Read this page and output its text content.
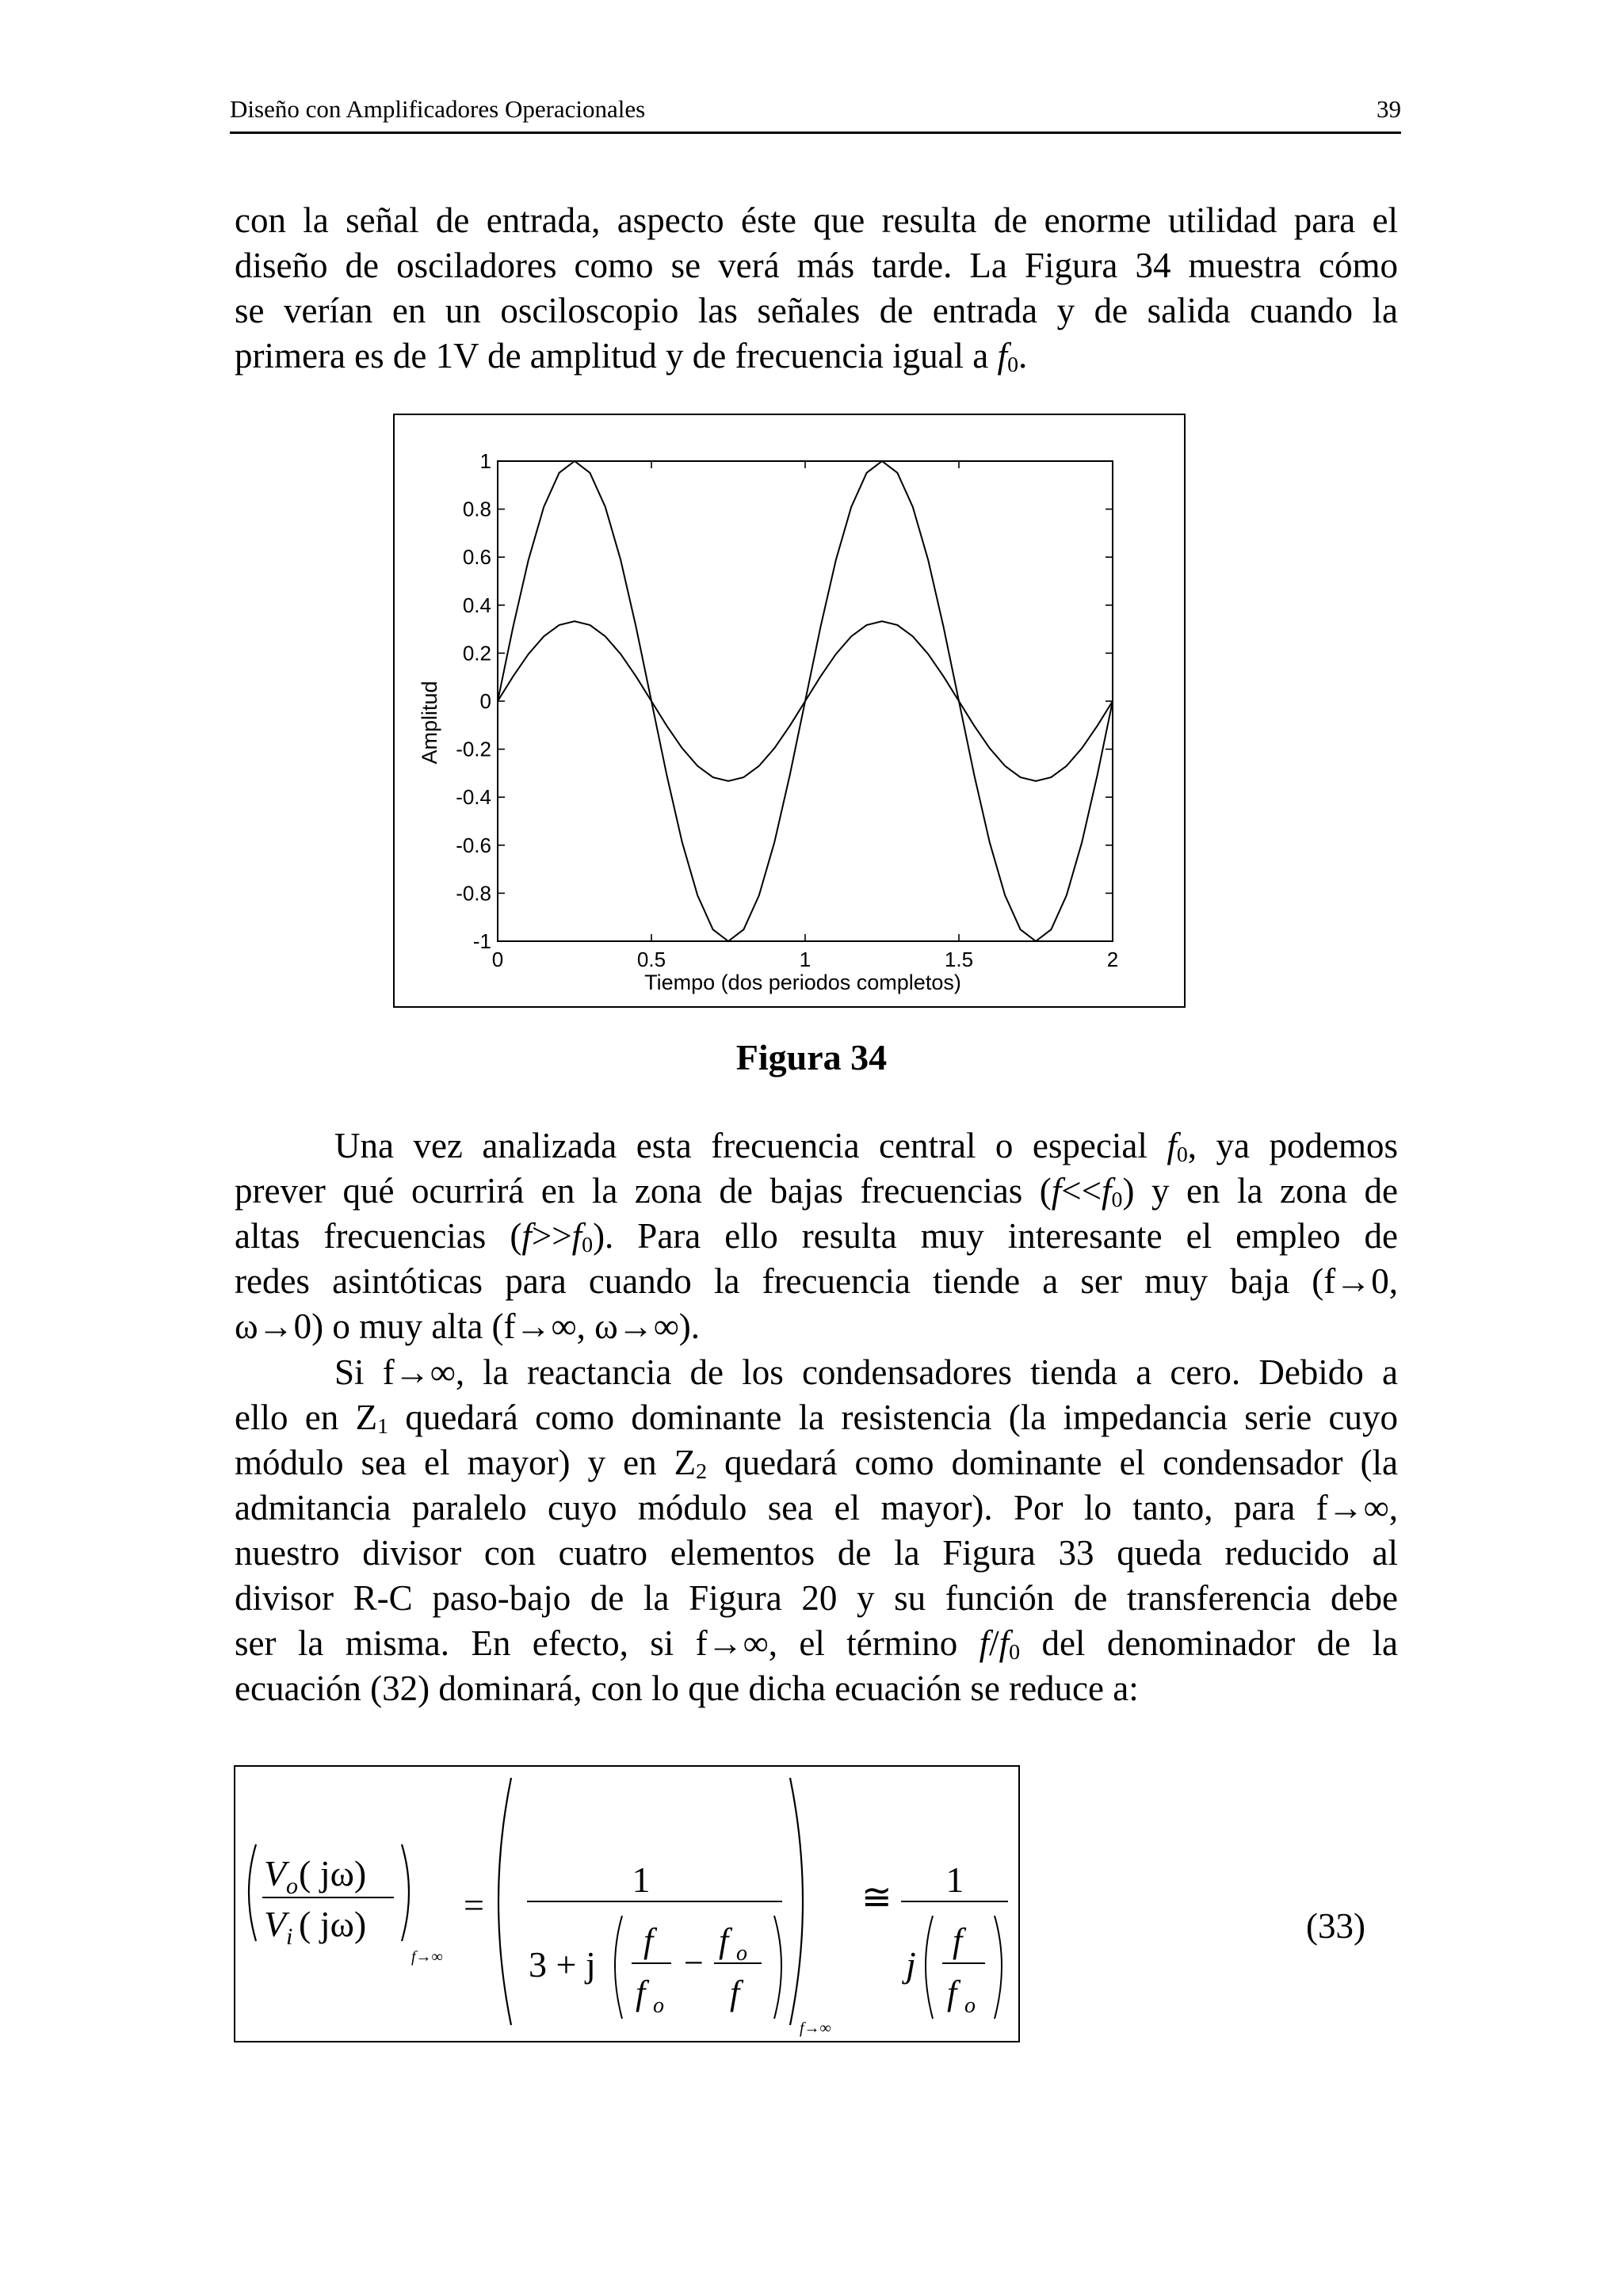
Diseño con Amplificadores Operacionales	39

con la señal de entrada, aspecto éste que resulta de enorme utilidad para el
diseño de osciladores como se verá más tarde. La Figura 34 muestra cómo
se verían en un osciloscopio las señales de entrada y de salida cuando la
primera es de 1V de amplitud y de frecuencia igual a $f_0$.

0	0.5	1	1.5	2
1
0.8
0.6
0.4
0.2
0
-0.2
-0.4
-0.6
-0.8
-1
Tiempo (dos periodos completos)
Amplitud
Figura 34

Una vez analizada esta frecuencia central o especial $f_0$, ya podemos
prever qué ocurrirá en la zona de bajas frecuencias $(f<<f_0)$ y en la zona de
altas frecuencias $(f>>f_0)$. Para ello resulta muy interesante el empleo de
redes asintóticas para cuando la frecuencia tiende a ser muy baja (f→0,
ω→0) o muy alta (f→∞, ω→∞).

Si f→∞, la reactancia de los condensadores tienda a cero. Debido a
ello en $Z_1$ quedará como dominante la resistencia (la impedancia serie cuyo
módulo sea el mayor) y en $Z_2$ quedará como dominante el condensador (la
admitancia paralelo cuyo módulo sea el mayor). Por lo tanto, para f→∞,
nuestro divisor con cuatro elementos de la Figura 33 queda reducido al
divisor R-C paso-bajo de la Figura 20 y su función de transferencia debe
ser la misma. En efecto, si f→∞, el término $f/f_0$ del denominador de la
ecuación (32) dominará, con lo que dicha ecuación se reduce a:

V o ( jω)
V i ( jω)
f→∞
=
1
3 + j
f
f o
−
f o
f
f→∞
≅ 1
j
f
f o
(33)
